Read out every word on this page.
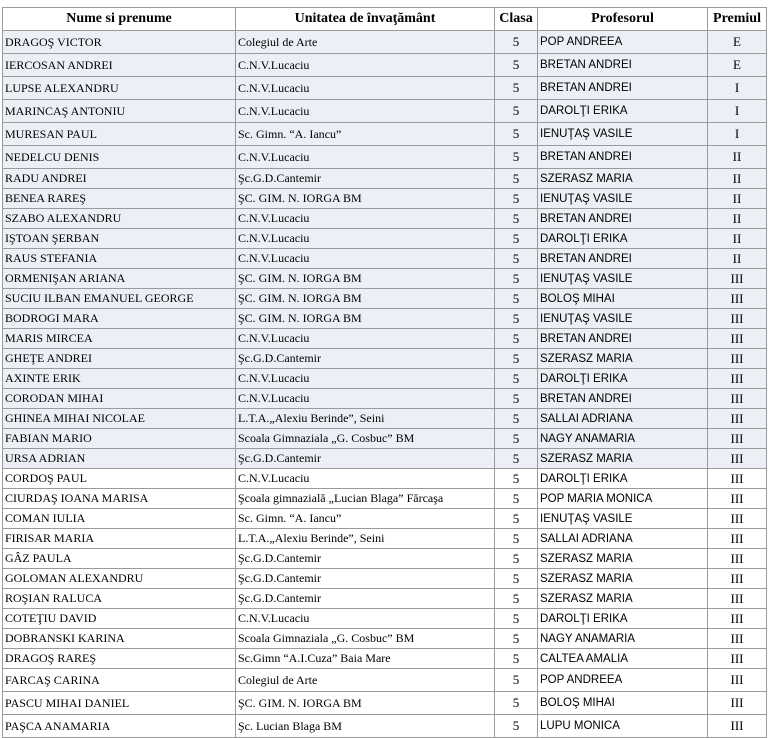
Nume si prenume	Unitatea de învaţământ	Clasa	Profesorul	Premiul
DRAGOŞ VICTOR	Colegiul de Arte	5	POP ANDREEA	E
IERCOSAN ANDREI	C.N.V.Lucaciu	5	BRETAN ANDREI	E
LUPSE ALEXANDRU	C.N.V.Lucaciu	5	BRETAN ANDREI	I
MARINCAŞ ANTONIU	C.N.V.Lucaciu	5	DAROLŢI ERIKA	I
MURESAN PAUL	Sc. Gimn. “A. Iancu”	5	IENUŢAŞ VASILE	I
NEDELCU DENIS	C.N.V.Lucaciu	5	BRETAN ANDREI	II
RADU ANDREI	Şc.G.D.Cantemir	5	SZERASZ MARIA	II
BENEA RAREŞ	ŞC. GIM. N. IORGA BM	5	IENUŢAŞ VASILE	II
SZABO ALEXANDRU	C.N.V.Lucaciu	5	BRETAN ANDREI	II
IŞTOAN ŞERBAN	C.N.V.Lucaciu	5	DAROLŢI ERIKA	II
RAUS STEFANIA	C.N.V.Lucaciu	5	BRETAN ANDREI	II
ORMENIŞAN ARIANA	ŞC. GIM. N. IORGA BM	5	IENUŢAŞ VASILE	III
SUCIU ILBAN EMANUEL GEORGE	ŞC. GIM. N. IORGA BM	5	BOLOŞ MIHAI	III
BODROGI MARA	ŞC. GIM. N. IORGA BM	5	IENUŢAŞ VASILE	III
MARIS MIRCEA	C.N.V.Lucaciu	5	BRETAN ANDREI	III
GHEŢE ANDREI	Şc.G.D.Cantemir	5	SZERASZ MARIA	III
AXINTE ERIK	C.N.V.Lucaciu	5	DAROLŢI ERIKA	III
CORODAN MIHAI	C.N.V.Lucaciu	5	BRETAN ANDREI	III
GHINEA MIHAI NICOLAE	L.T.A.„Alexiu Berinde”, Seini	5	SALLAI ADRIANA	III
FABIAN MARIO	Scoala Gimnaziala „G. Cosbuc” BM	5	NAGY ANAMARIA	III
URSA ADRIAN	Şc.G.D.Cantemir	5	SZERASZ MARIA	III
CORDOŞ PAUL	C.N.V.Lucaciu	5	DAROLŢI ERIKA	III
CIURDAŞ IOANA MARISA	Şcoala gimnazială „Lucian Blaga” Fărcaşa	5	POP MARIA MONICA	III
COMAN IULIA	Sc. Gimn. “A. Iancu”	5	IENUŢAŞ VASILE	III
FIRISAR MARIA	L.T.A.„Alexiu Berinde”, Seini	5	SALLAI ADRIANA	III
GÂZ PAULA	Şc.G.D.Cantemir	5	SZERASZ MARIA	III
GOLOMAN ALEXANDRU	Şc.G.D.Cantemir	5	SZERASZ MARIA	III
ROŞIAN RALUCA	Şc.G.D.Cantemir	5	SZERASZ MARIA	III
COTEŢIU DAVID	C.N.V.Lucaciu	5	DAROLŢI ERIKA	III
DOBRANSKI KARINA	Scoala Gimnaziala „G. Cosbuc” BM	5	NAGY ANAMARIA	III
DRAGOŞ RAREŞ	Sc.Gimn “A.I.Cuza” Baia Mare	5	CALTEA AMALIA	III
FARCAŞ CARINA	Colegiul de Arte	5	POP ANDREEA	III
PASCU MIHAI DANIEL	ŞC. GIM. N. IORGA BM	5	BOLOŞ MIHAI	III
PAŞCA ANAMARIA	Şc. Lucian Blaga BM	5	LUPU MONICA	III
